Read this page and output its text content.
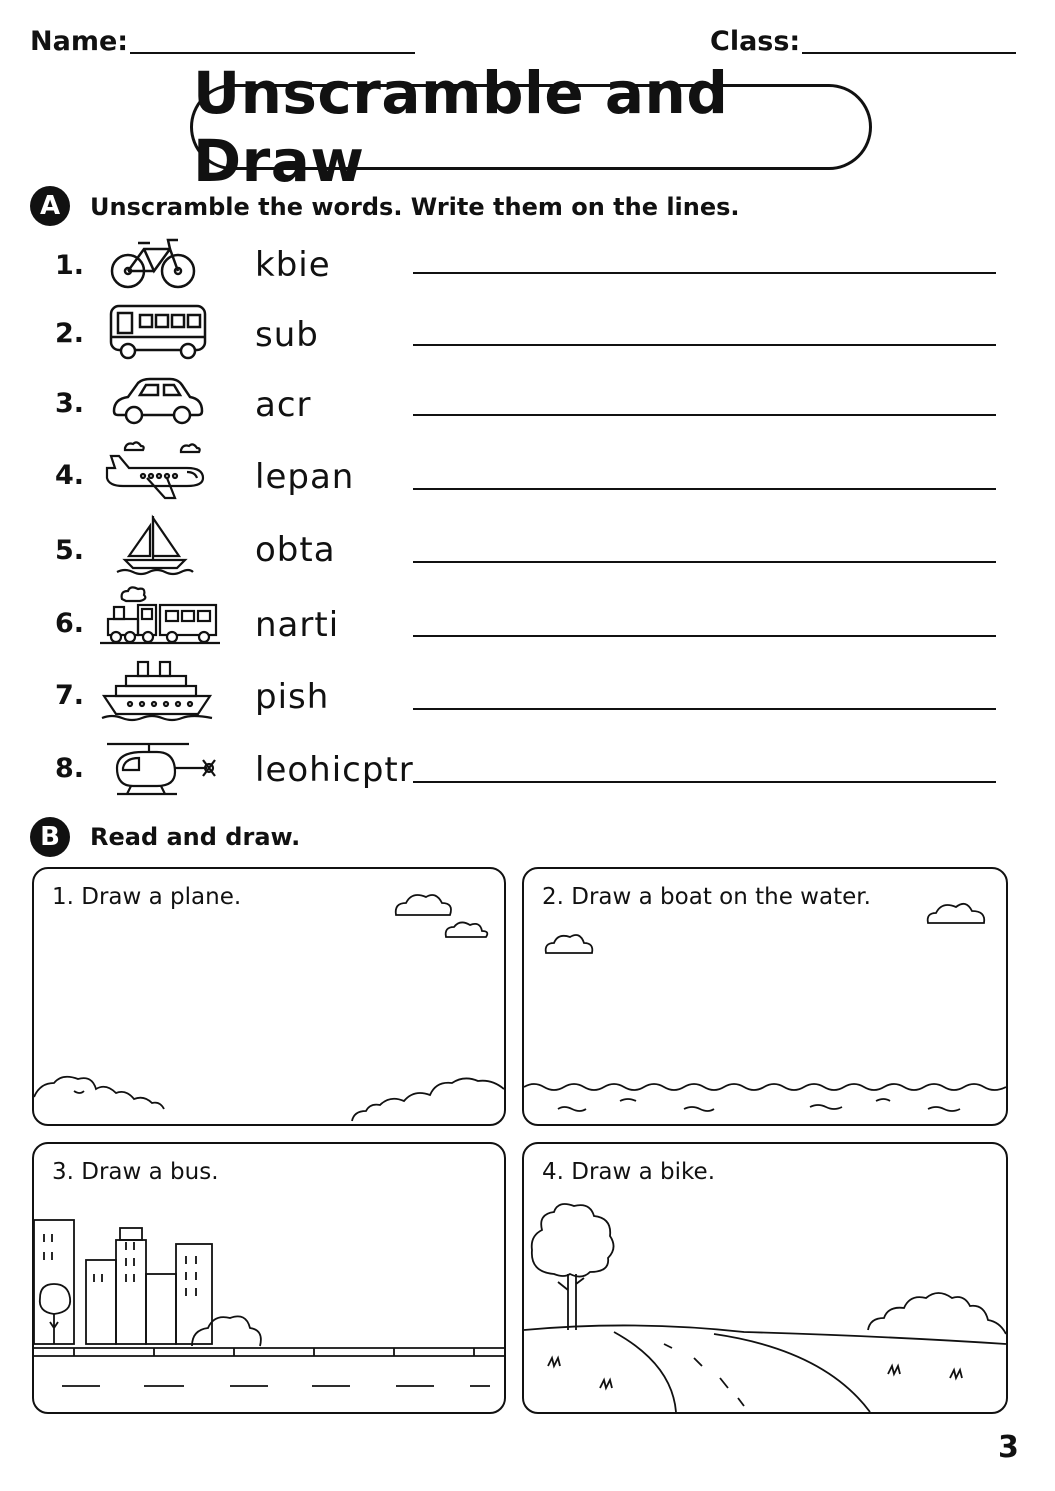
Name:	Class:
Unscramble and Draw
A	Unscramble the words. Write them on the lines.
1.	kbie
2.	sub
3.	acr
4.	lepan
5.	obta
6.	narti
7.	pish
8.	leohicptr
B	Read and draw.
1. Draw a plane.	2. Draw a boat on the water.
3. Draw a bus.	4. Draw a bike.
3
